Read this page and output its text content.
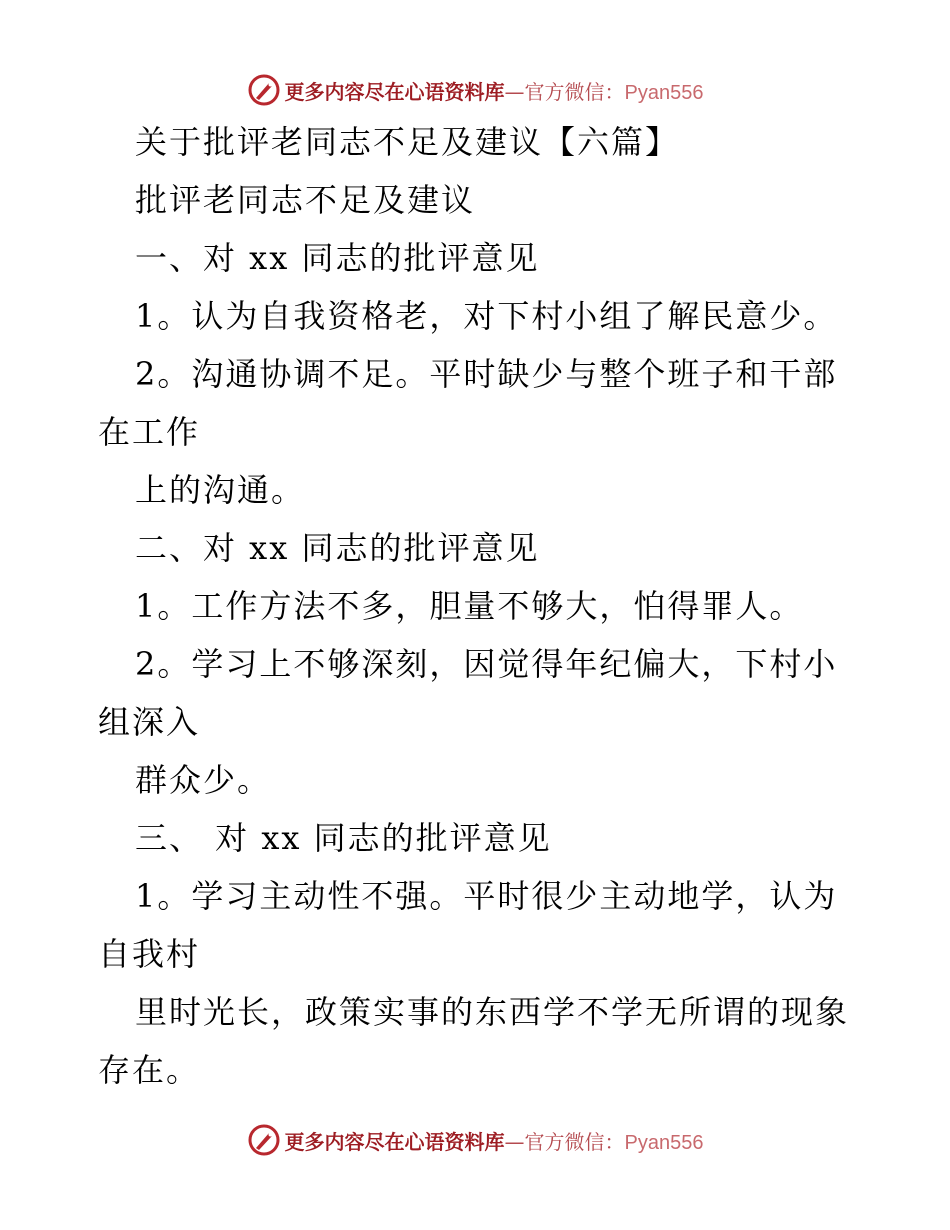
更多内容尽在心语资料库—官方微信：Pyan556
关于批评老同志不足及建议【六篇】
批评老同志不足及建议
一、对 xx 同志的批评意见
1。认为自我资格老，对下村小组了解民意少。
2。沟通协调不足。平时缺少与整个班子和干部
在工作
上的沟通。
二、对 xx 同志的批评意见
1。工作方法不多，胆量不够大，怕得罪人。
2。学习上不够深刻，因觉得年纪偏大，下村小
组深入
群众少。
三、 对 xx 同志的批评意见
1。学习主动性不强。平时很少主动地学，认为
自我村
里时光长，政策实事的东西学不学无所谓的现象
存在。
更多内容尽在心语资料库—官方微信：Pyan556
